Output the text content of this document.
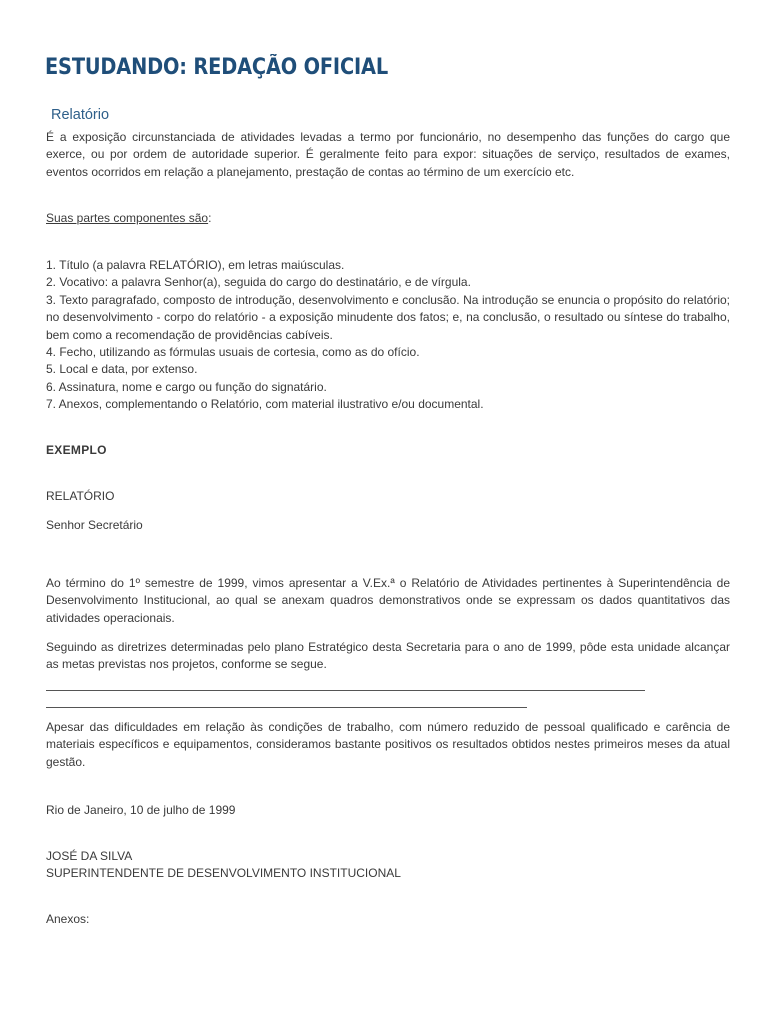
ESTUDANDO: REDAÇÃO OFICIAL
Relatório

É a exposição circunstanciada de atividades levadas a termo por funcionário, no desempenho das funções do cargo que exerce, ou por ordem de autoridade superior. É geralmente feito para expor: situações de serviço, resultados de exames, eventos ocorridos em relação a planejamento, prestação de contas ao término de um exercício etc.

Suas partes componentes são:

1. Título (a palavra RELATÓRIO), em letras maiúsculas.
2. Vocativo: a palavra Senhor(a), seguida do cargo do destinatário, e de vírgula.
3. Texto paragrafado, composto de introdução, desenvolvimento e conclusão. Na introdução se enuncia o propósito do relatório; no desenvolvimento - corpo do relatório - a exposição minudente dos fatos; e, na conclusão, o resultado ou síntese do trabalho, bem como a recomendação de providências cabíveis.
4. Fecho, utilizando as fórmulas usuais de cortesia, como as do ofício.
5. Local e data, por extenso.
6. Assinatura, nome e cargo ou função do signatário.
7. Anexos, complementando o Relatório, com material ilustrativo e/ou documental.

EXEMPLO

RELATÓRIO

Senhor Secretário

Ao término do 1º semestre de 1999, vimos apresentar a V.Ex.ª o Relatório de Atividades pertinentes à Superintendência de Desenvolvimento Institucional, ao qual se anexam quadros demonstrativos onde se expressam os dados quantitativos das atividades operacionais.

Seguindo as diretrizes determinadas pelo plano Estratégico desta Secretaria para o ano de 1999, pôde esta unidade alcançar as metas previstas nos projetos, conforme se segue.

Apesar das dificuldades em relação às condições de trabalho, com número reduzido de pessoal qualificado e carência de materiais específicos e equipamentos, consideramos bastante positivos os resultados obtidos nestes primeiros meses da atual gestão.

Rio de Janeiro, 10 de julho de 1999

JOSÉ DA SILVA

SUPERINTENDENTE DE DESENVOLVIMENTO INSTITUCIONAL

Anexos:
